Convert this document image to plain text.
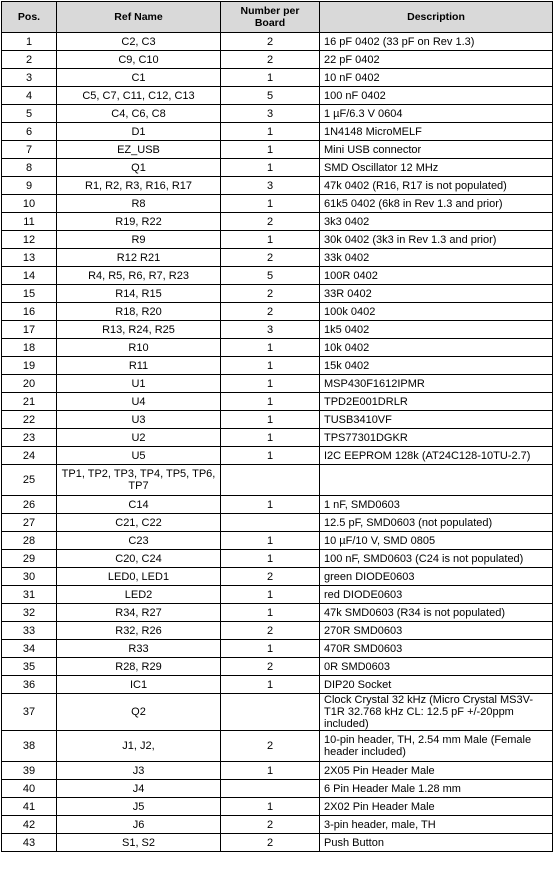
Pos.	Ref Name	Number per Board	Description
1	C2, C3	2	16 pF 0402 (33 pF on Rev 1.3)
2	C9, C10	2	22 pF 0402
3	C1	1	10 nF 0402
4	C5, C7, C11, C12, C13	5	100 nF 0402
5	C4, C6, C8	3	1 µF/6.3 V 0604
6	D1	1	1N4148 MicroMELF
7	EZ_USB	1	Mini USB connector
8	Q1	1	SMD Oscillator 12 MHz
9	R1, R2, R3, R16, R17	3	47k 0402 (R16, R17 is not populated)
10	R8	1	61k5 0402 (6k8 in Rev 1.3 and prior)
11	R19, R22	2	3k3 0402
12	R9	1	30k 0402 (3k3 in Rev 1.3 and prior)
13	R12 R21	2	33k 0402
14	R4, R5, R6, R7, R23	5	100R 0402
15	R14, R15	2	33R 0402
16	R18, R20	2	100k 0402
17	R13, R24, R25	3	1k5 0402
18	R10	1	10k 0402
19	R11	1	15k 0402
20	U1	1	MSP430F1612IPMR
21	U4	1	TPD2E001DRLR
22	U3	1	TUSB3410VF
23	U2	1	TPS77301DGKR
24	U5	1	I2C EEPROM 128k (AT24C128-10TU-2.7)
25	TP1, TP2, TP3, TP4, TP5, TP6, TP7		
26	C14	1	1 nF, SMD0603
27	C21, C22		12.5 pF, SMD0603 (not populated)
28	C23	1	10 µF/10 V, SMD 0805
29	C20, C24	1	100 nF, SMD0603 (C24 is not populated)
30	LED0, LED1	2	green DIODE0603
31	LED2	1	red DIODE0603
32	R34, R27	1	47k SMD0603 (R34 is not populated)
33	R32, R26	2	270R SMD0603
34	R33	1	470R SMD0603
35	R28, R29	2	0R SMD0603
36	IC1	1	DIP20 Socket
37	Q2		Clock Crystal 32 kHz (Micro Crystal MS3V-T1R 32.768 kHz CL: 12.5 pF +/-20ppm included)
38	J1, J2,	2	10-pin header, TH, 2.54 mm Male (Female header included)
39	J3	1	2X05 Pin Header Male
40	J4		6 Pin Header Male 1.28 mm
41	J5	1	2X02 Pin Header Male
42	J6	2	3-pin header, male, TH
43	S1, S2	2	Push Button
